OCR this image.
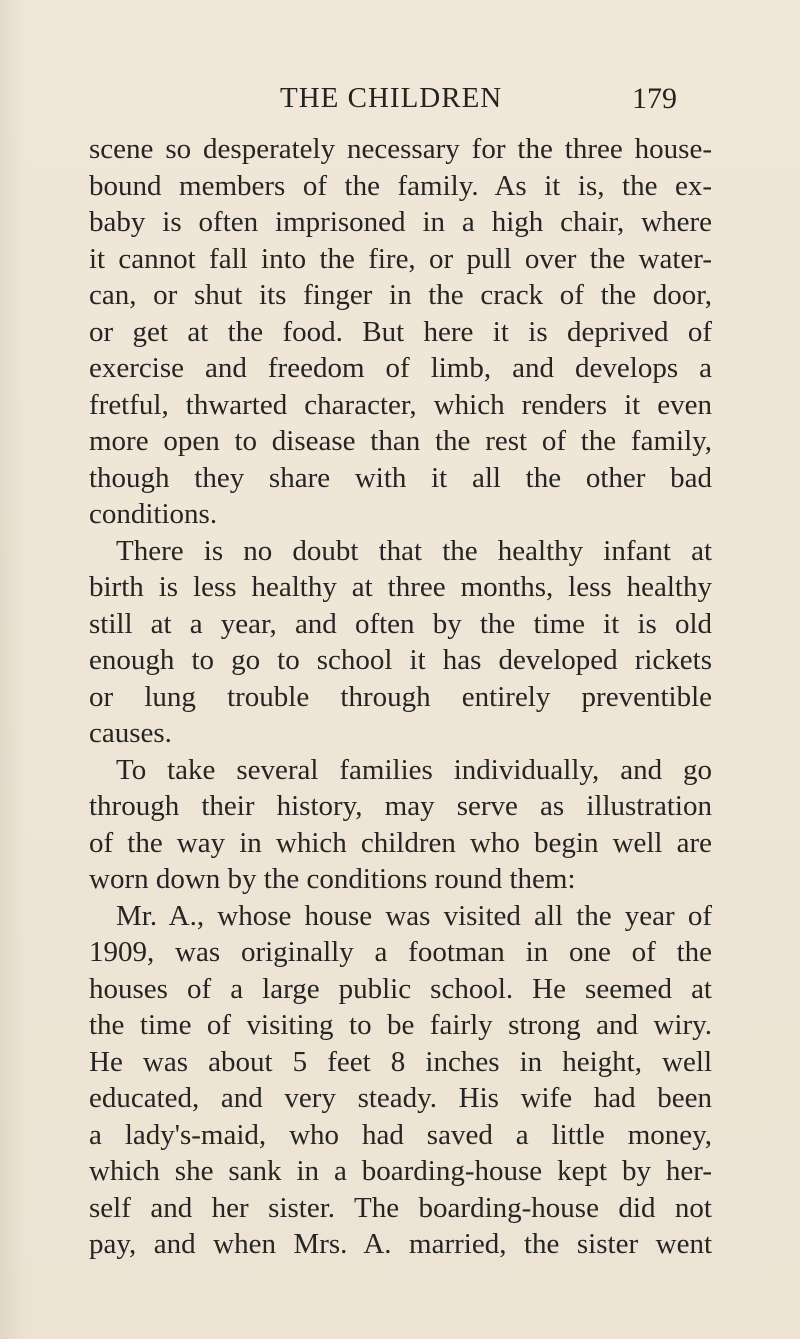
THE CHILDREN	179
scene so desperately necessary for the three house-
bound members of the family. As it is, the ex-
baby is often imprisoned in a high chair, where
it cannot fall into the fire, or pull over the water-
can, or shut its finger in the crack of the door,
or get at the food. But here it is deprived of
exercise and freedom of limb, and develops a
fretful, thwarted character, which renders it even
more open to disease than the rest of the family,
though they share with it all the other bad
conditions.
There is no doubt that the healthy infant at
birth is less healthy at three months, less healthy
still at a year, and often by the time it is old
enough to go to school it has developed rickets
or lung trouble through entirely preventible
causes.
To take several families individually, and go
through their history, may serve as illustration
of the way in which children who begin well are
worn down by the conditions round them:
Mr. A., whose house was visited all the year of
1909, was originally a footman in one of the
houses of a large public school. He seemed at
the time of visiting to be fairly strong and wiry.
He was about 5 feet 8 inches in height, well
educated, and very steady. His wife had been
a lady's-maid, who had saved a little money,
which she sank in a boarding-house kept by her-
self and her sister. The boarding-house did not
pay, and when Mrs. A. married, the sister went
